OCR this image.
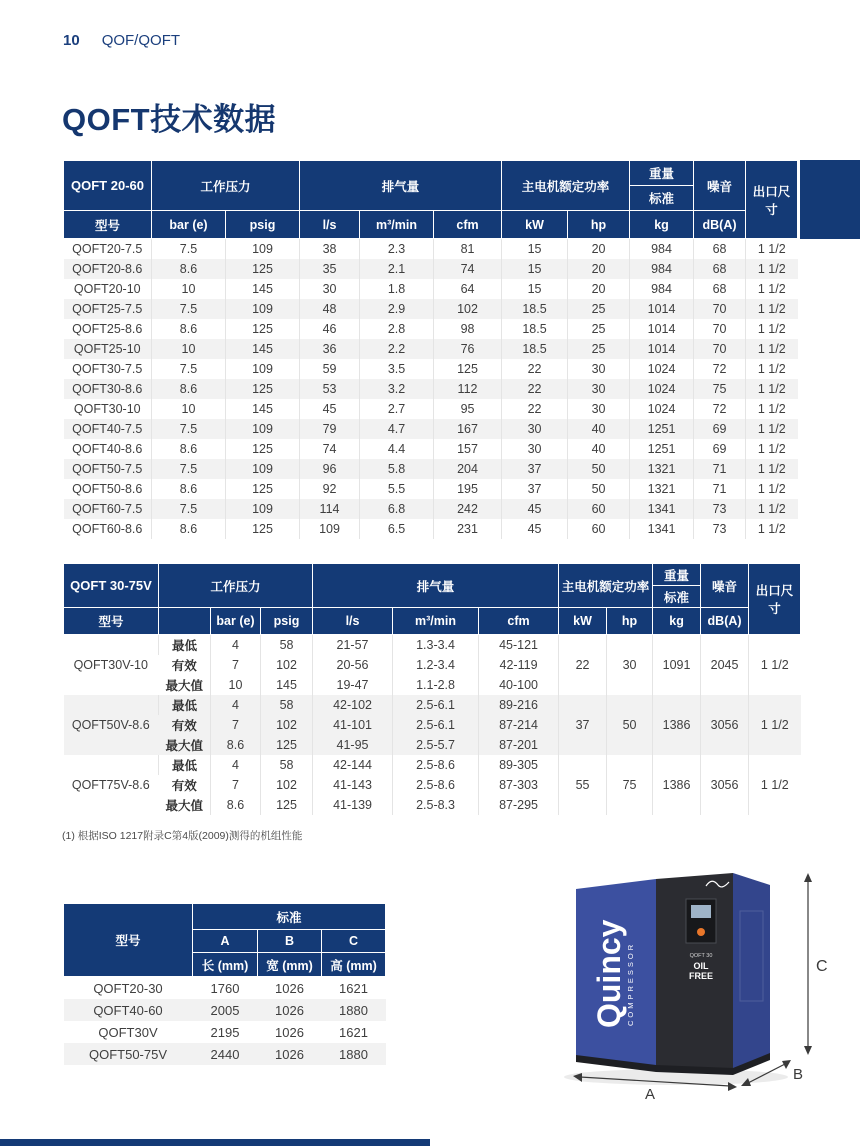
10 QOF/QOFT
QOFT技术数据
QOFT 20-60	工作压力		排气量			主电机额定功率		重量	噪音	出口尺寸
								标准		
型号	bar (e)	psig	l/s	m³/min	cfm	kW	hp	kg	dB(A)	
QOFT20-7.5	7.5	109	38	2.3	81	15	20	984	68	1 1/2
QOFT20-8.6	8.6	125	35	2.1	74	15	20	984	68	1 1/2
QOFT20-10	10	145	30	1.8	64	15	20	984	68	1 1/2
QOFT25-7.5	7.5	109	48	2.9	102	18.5	25	1014	70	1 1/2
QOFT25-8.6	8.6	125	46	2.8	98	18.5	25	1014	70	1 1/2
QOFT25-10	10	145	36	2.2	76	18.5	25	1014	70	1 1/2
QOFT30-7.5	7.5	109	59	3.5	125	22	30	1024	72	1 1/2
QOFT30-8.6	8.6	125	53	3.2	112	22	30	1024	75	1 1/2
QOFT30-10	10	145	45	2.7	95	22	30	1024	72	1 1/2
QOFT40-7.5	7.5	109	79	4.7	167	30	40	1251	69	1 1/2
QOFT40-8.6	8.6	125	74	4.4	157	30	40	1251	69	1 1/2
QOFT50-7.5	7.5	109	96	5.8	204	37	50	1321	71	1 1/2
QOFT50-8.6	8.6	125	92	5.5	195	37	50	1321	71	1 1/2
QOFT60-7.5	7.5	109	114	6.8	242	45	60	1341	73	1 1/2
QOFT60-8.6	8.6	125	109	6.5	231	45	60	1341	73	1 1/2
QOFT 30-75V	工作压力			排气量			主电机额定功率		重量	噪音	出口尺寸
									标准		
型号		bar (e)	psig	l/s	m³/min	cfm	kW	hp	kg	dB(A)	
QOFT30V-10	最低	4	58	21-57	1.3-3.4	45-121	22	30	1091	2045	1 1/2
	有效	7	102	20-56	1.2-3.4	42-119					
	最大值	10	145	19-47	1.1-2.8	40-100					
QOFT50V-8.6	最低	4	58	42-102	2.5-6.1	89-216	37	50	1386	3056	1 1/2
	有效	7	102	41-101	2.5-6.1	87-214					
	最大值	8.6	125	41-95	2.5-5.7	87-201					
QOFT75V-8.6	最低	4	58	42-144	2.5-8.6	89-305	55	75	1386	3056	1 1/2
	有效	7	102	41-143	2.5-8.6	87-303					
	最大值	8.6	125	41-139	2.5-8.3	87-295					
(1) 根据ISO 1217附录C第4版(2009)测得的机组性能
型号	标准		
	A	B	C
	长 (mm)	宽 (mm)	高 (mm)
QOFT20-30	1760	1026	1621
QOFT40-60	2005	1026	1880
QOFT30V	2195	1026	1621
QOFT50-75V	2440	1026	1880
Quincy COMPRESSOR	QOFT 30
OIL
FREE
C
A
B
